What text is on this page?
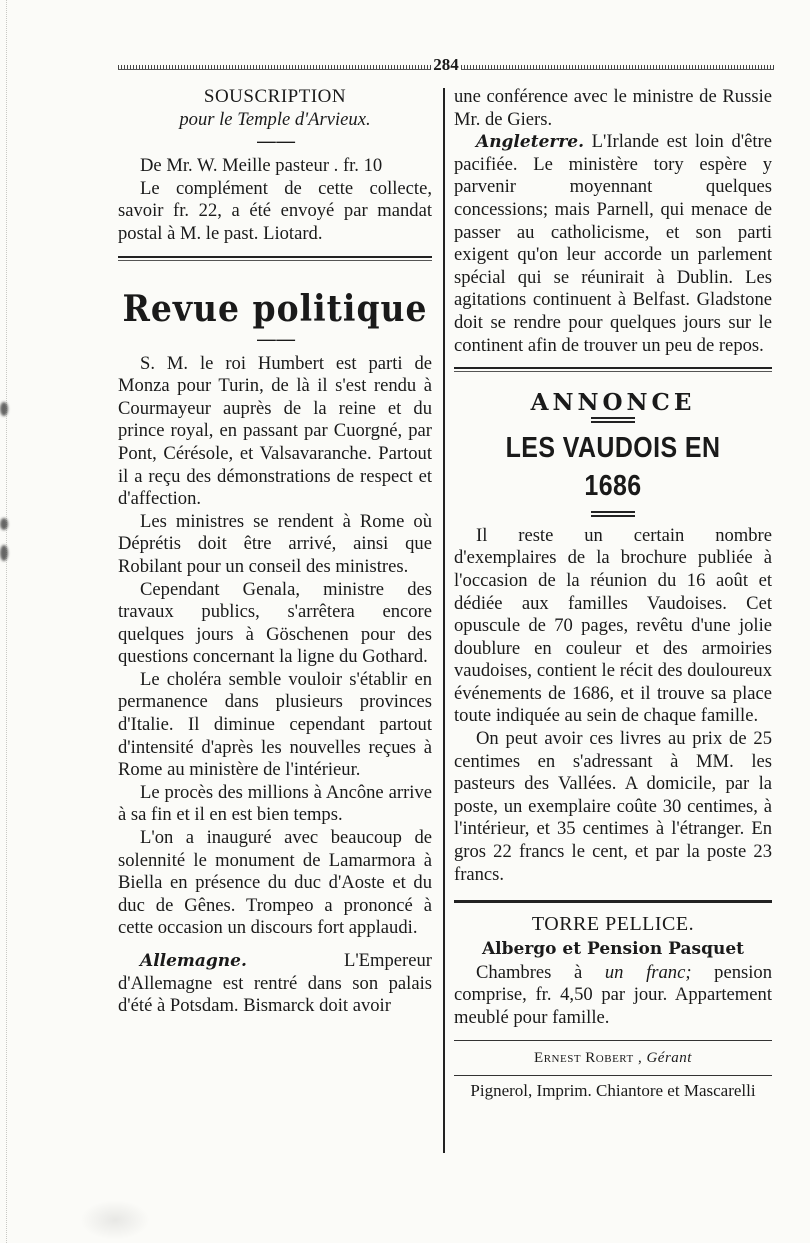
284

SOUSCRIPTION

pour le Temple d'Arvieux.

— —

De Mr. W. Meille pasteur . fr. 10

Le complément de cette collecte, savoir fr. 22, a été envoyé par mandat postal à M. le past. Liotard.

Revue politique

— —

S. M. le roi Humbert est parti de Monza pour Turin, de là il s'est rendu à Courmayeur auprès de la reine et du prince royal, en passant par Cuorgné, par Pont, Cérésole, et Valsavaranche. Partout il a reçu des démonstrations de respect et d'affection.

Les ministres se rendent à Rome où Déprétis doit être arrivé, ainsi que Robilant pour un conseil des ministres.

Cependant Genala, ministre des travaux publics, s'arrêtera encore quelques jours à Göschenen pour des questions concernant la ligne du Gothard.

Le choléra semble vouloir s'établir en permanence dans plusieurs provinces d'Italie. Il diminue cependant partout d'intensité d'après les nouvelles reçues à Rome au ministère de l'intérieur.

Le procès des millions à Ancône arrive à sa fin et il en est bien temps.

L'on a inauguré avec beaucoup de solennité le monument de Lamarmora à Biella en présence du duc d'Aoste et du duc de Gênes. Trompeo a prononcé à cette occasion un discours fort applaudi.

Allemagne. L'Empereur d'Allemagne est rentré dans son palais d'été à Potsdam. Bismarck doit avoir

une conférence avec le ministre de Russie Mr. de Giers.

Angleterre. L'Irlande est loin d'être pacifiée. Le ministère tory espère y parvenir moyennant quelques concessions; mais Parnell, qui menace de passer au catholicisme, et son parti exigent qu'on leur accorde un parlement spécial qui se réunirait à Dublin. Les agitations continuent à Belfast. Gladstone doit se rendre pour quelques jours sur le continent afin de trouver un peu de repos.

ANNONCE

LES VAUDOIS EN 1686

Il reste un certain nombre d'exemplaires de la brochure publiée à l'occasion de la réunion du 16 août et dédiée aux familles Vaudoises. Cet opuscule de 70 pages, revêtu d'une jolie doublure en couleur et des armoiries vaudoises, contient le récit des douloureux événements de 1686, et il trouve sa place toute indiquée au sein de chaque famille.

On peut avoir ces livres au prix de 25 centimes en s'adressant à MM. les pasteurs des Vallées. A domicile, par la poste, un exemplaire coûte 30 centimes, à l'intérieur, et 35 centimes à l'étranger. En gros 22 francs le cent, et par la poste 23 francs.

TORRE PELLICE.

Albergo et Pension Pasquet

Chambres à un franc; pension comprise, fr. 4,50 par jour. Appartement meublé pour famille.

Ernest Robert , Gérant

Pignerol, Imprim. Chiantore et Mascarelli
